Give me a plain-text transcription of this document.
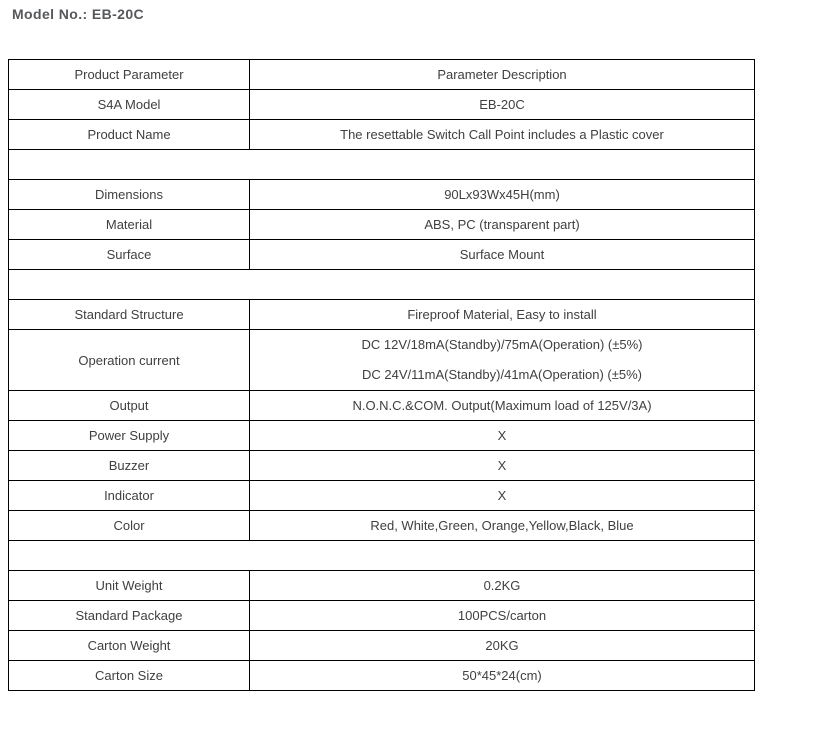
Model No.: EB-20C
Product Parameter	Parameter Description
S4A Model	EB-20C
Product Name	The resettable Switch Call Point includes a Plastic cover

Dimensions	90Lx93Wx45H(mm)
Material	ABS, PC (transparent part)
Surface	Surface Mount

Standard Structure	Fireproof Material, Easy to install
Operation current	DC 12V/18mA(Standby)/75mA(Operation) (±5%)
DC 24V/11mA(Standby)/41mA(Operation) (±5%)

Output	N.O.N.C.&COM. Output(Maximum load of 125V/3A)
Power Supply	X
Buzzer	X
Indicator	X
Color	Red, White,Green, Orange,Yellow,Black, Blue

Unit Weight	0.2KG
Standard Package	100PCS/carton
Carton Weight	20KG
Carton Size	50*45*24(cm)
